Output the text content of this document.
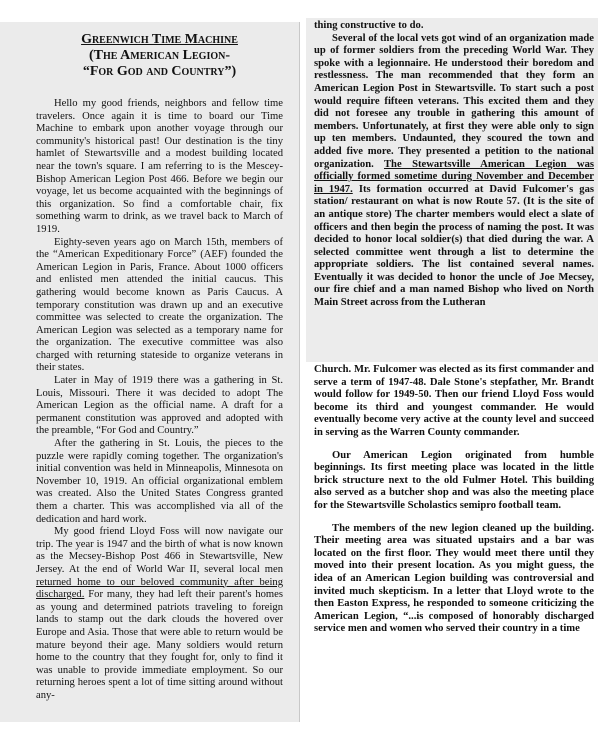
Greenwich Time Machine
(The American Legion-
“For God and Country”)

Hello my good friends, neighbors and fellow time travelers. Once again it is time to board our Time Machine to embark upon another voyage through our community's historical past! Our destination is the tiny hamlet of Stewartsville and a modest building located near the town's square. I am referring to is the Mescey-Bishop American Legion Post 466. Before we begin our voyage, let us become acquainted with the beginnings of this organization. So find a comfortable chair, fix something warm to drink, as we travel back to March of 1919.

Eighty-seven years ago on March 15th, members of the “American Expeditionary Force” (AEF) founded the American Legion in Paris, France. About 1000 officers and enlisted men attended the initial caucus. This gathering would become known as Paris Caucus. A temporary constitution was drawn up and an executive committee was selected to create the organization. The American Legion was selected as a temporary name for the organization. The executive committee was also charged with returning stateside to organize veterans in their states.

Later in May of 1919 there was a gathering in St. Louis, Missouri. There it was decided to adopt The American Legion as the official name. A draft for a permanent constitution was approved and adopted with the preamble, “For God and Country.”

After the gathering in St. Louis, the pieces to the puzzle were rapidly coming together. The organization's initial convention was held in Minneapolis, Minnesota on November 10, 1919. An official organizational emblem was created. Also the United States Congress granted them a charter. This was accomplished via all of the dedication and hard work.

My good friend Lloyd Foss will now navigate our trip. The year is 1947 and the birth of what is now known as the Mecsey-Bishop Post 466 in Stewartsville, New Jersey. At the end of World War II, several local men returned home to our beloved community after being discharged. For many, they had left their parent's homes as young and determined patriots traveling to foreign lands to stamp out the dark clouds the hovered over Europe and Asia. Those that were able to return would be mature beyond their age. Many soldiers would return home to the country that they fought for, only to find it was unable to provide immediate employment. So our returning heroes spent a lot of time sitting around without any-

thing constructive to do.

Several of the local vets got wind of an organization made up of former soldiers from the preceding World War. They spoke with a legionnaire. He understood their boredom and restlessness. The man recommended that they form an American Legion Post in Stewartsville. To start such a post would require fifteen veterans. This excited them and they did not foresee any trouble in gathering this amount of members. Unfortunately, at first they were able only to sign up ten members. Undaunted, they scoured the town and added five more. They presented a petition to the national organization. The Stewartsville American Legion was officially formed sometime during November and December in 1947. Its formation occurred at David Fulcomer's gas station/ restaurant on what is now Route 57. (It is the site of an antique store) The charter members would elect a slate of officers and then begin the process of naming the post. It was decided to honor local soldier(s) that died during the war. A selected committee went through a list to determine the appropriate soldiers. The list contained several names. Eventually it was decided to honor the uncle of Joe Mecsey, our fire chief and a man named Bishop who lived on North Main Street across from the Lutheran

Church. Mr. Fulcomer was elected as its first commander and serve a term of 1947-48. Dale Stone's stepfather, Mr. Brandt would follow for 1949-50. Then our friend Lloyd Foss would become its third and youngest commander. He would eventually become very active at the county level and succeed in serving as the Warren County commander.

Our American Legion originated from humble beginnings. Its first meeting place was located in the little brick structure next to the old Fulmer Hotel. This building also served as a butcher shop and was also the meeting place for the Stewartsville Scholastics semipro football team.

The members of the new legion cleaned up the building. Their meeting area was situated upstairs and a bar was located on the first floor. They would meet there until they moved into their present location. As you might guess, the idea of an American Legion building was controversial and invited much skepticism. In a letter that Lloyd wrote to the then Easton Express, he responded to someone criticizing the American Legion, “...is composed of honorably discharged service men and women who served their country in a time
